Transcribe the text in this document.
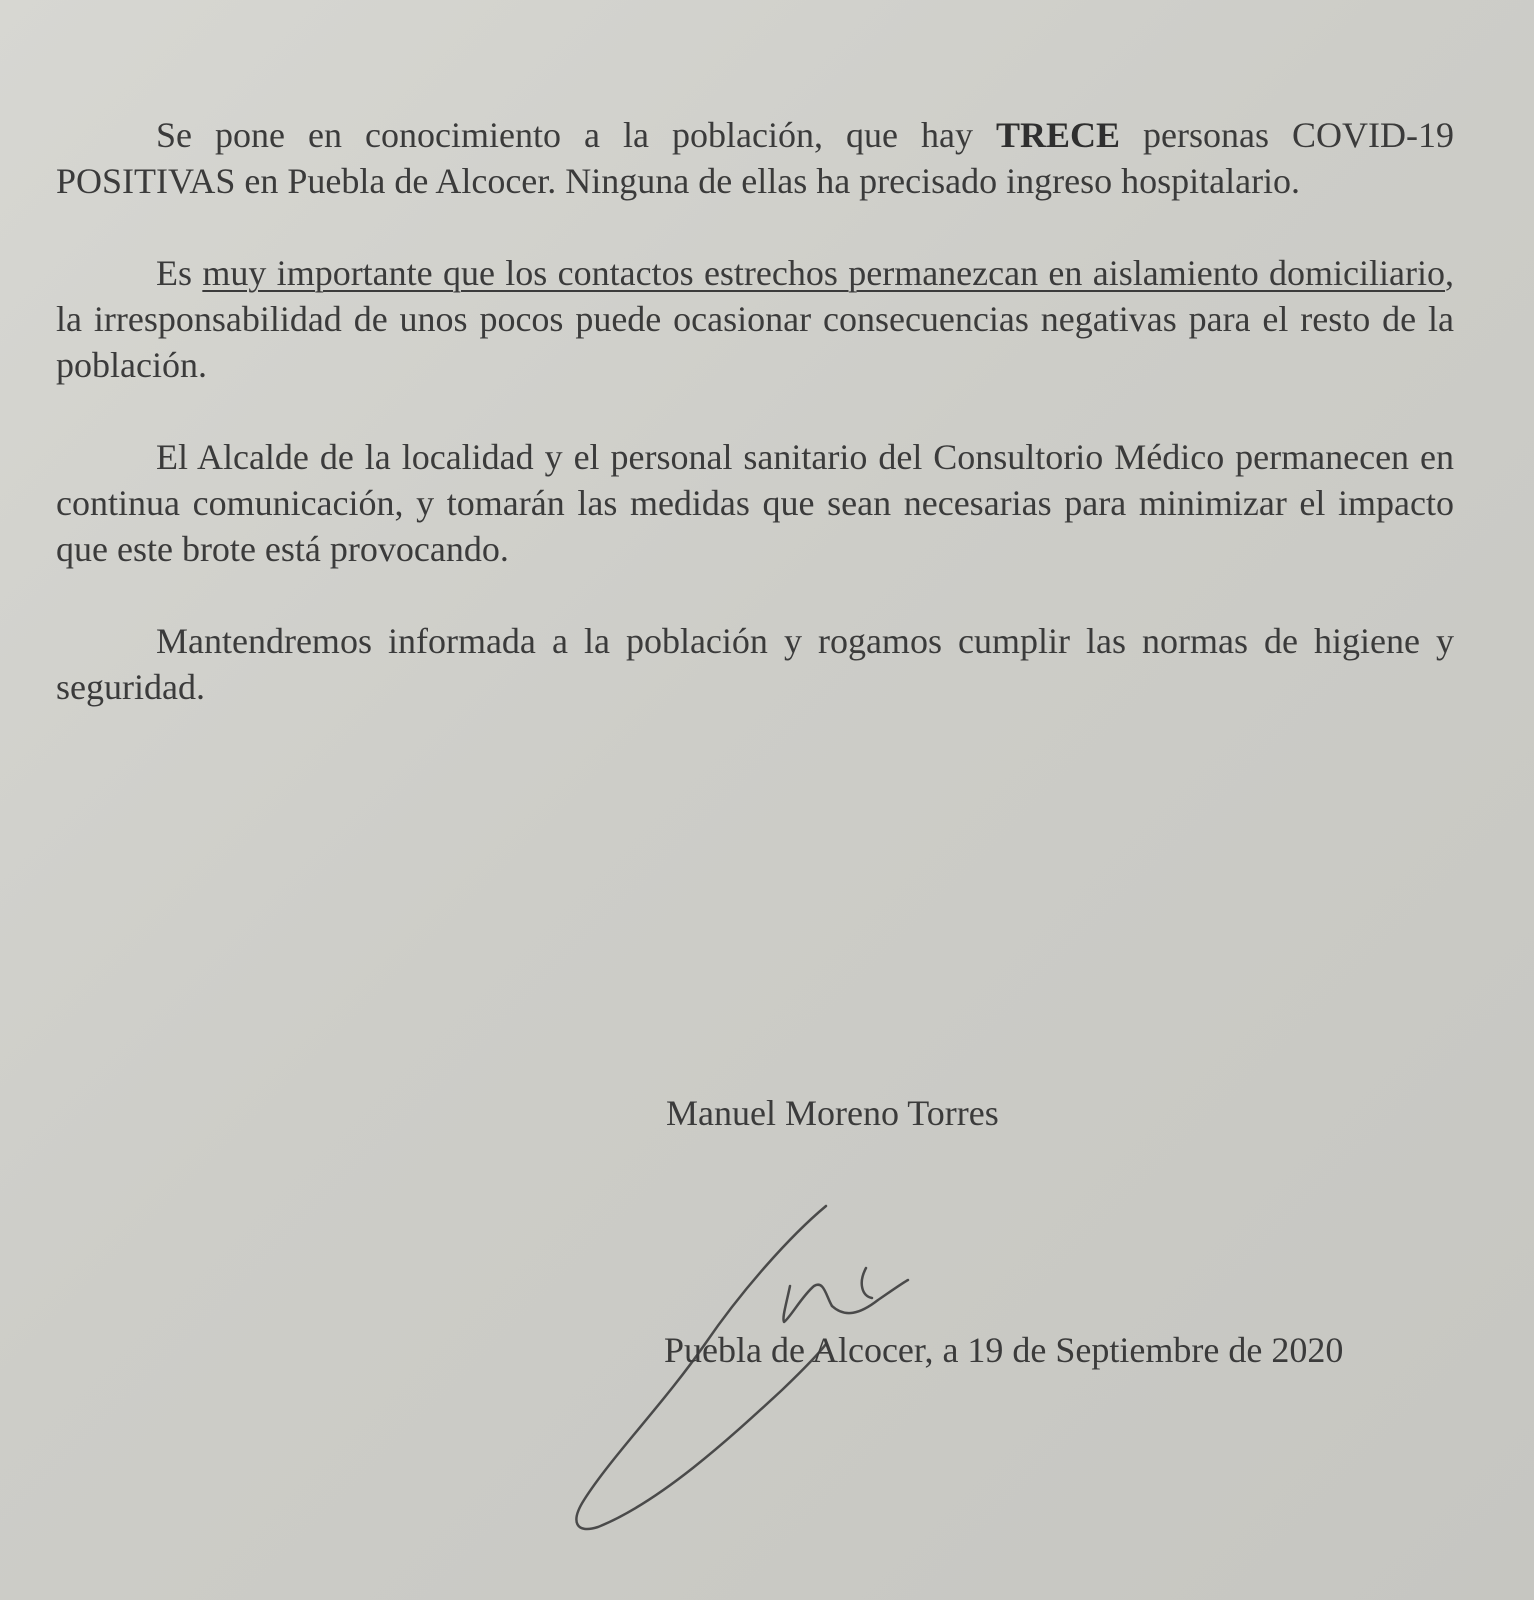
Se pone en conocimiento a la población, que hay TRECE personas COVID-19 POSITIVAS en Puebla de Alcocer. Ninguna de ellas ha precisado ingreso hospitalario.

Es muy importante que los contactos estrechos permanezcan en aislamiento domiciliario, la irresponsabilidad de unos pocos puede ocasionar consecuencias negativas para el resto de la población.

El Alcalde de la localidad y el personal sanitario del Consultorio Médico permanecen en continua comunicación, y tomarán las medidas que sean necesarias para minimizar el impacto que este brote está provocando.

Mantendremos informada a la población y rogamos cumplir las normas de higiene y seguridad.

Manuel Moreno Torres
Puebla de Alcocer, a 19 de Septiembre de 2020
